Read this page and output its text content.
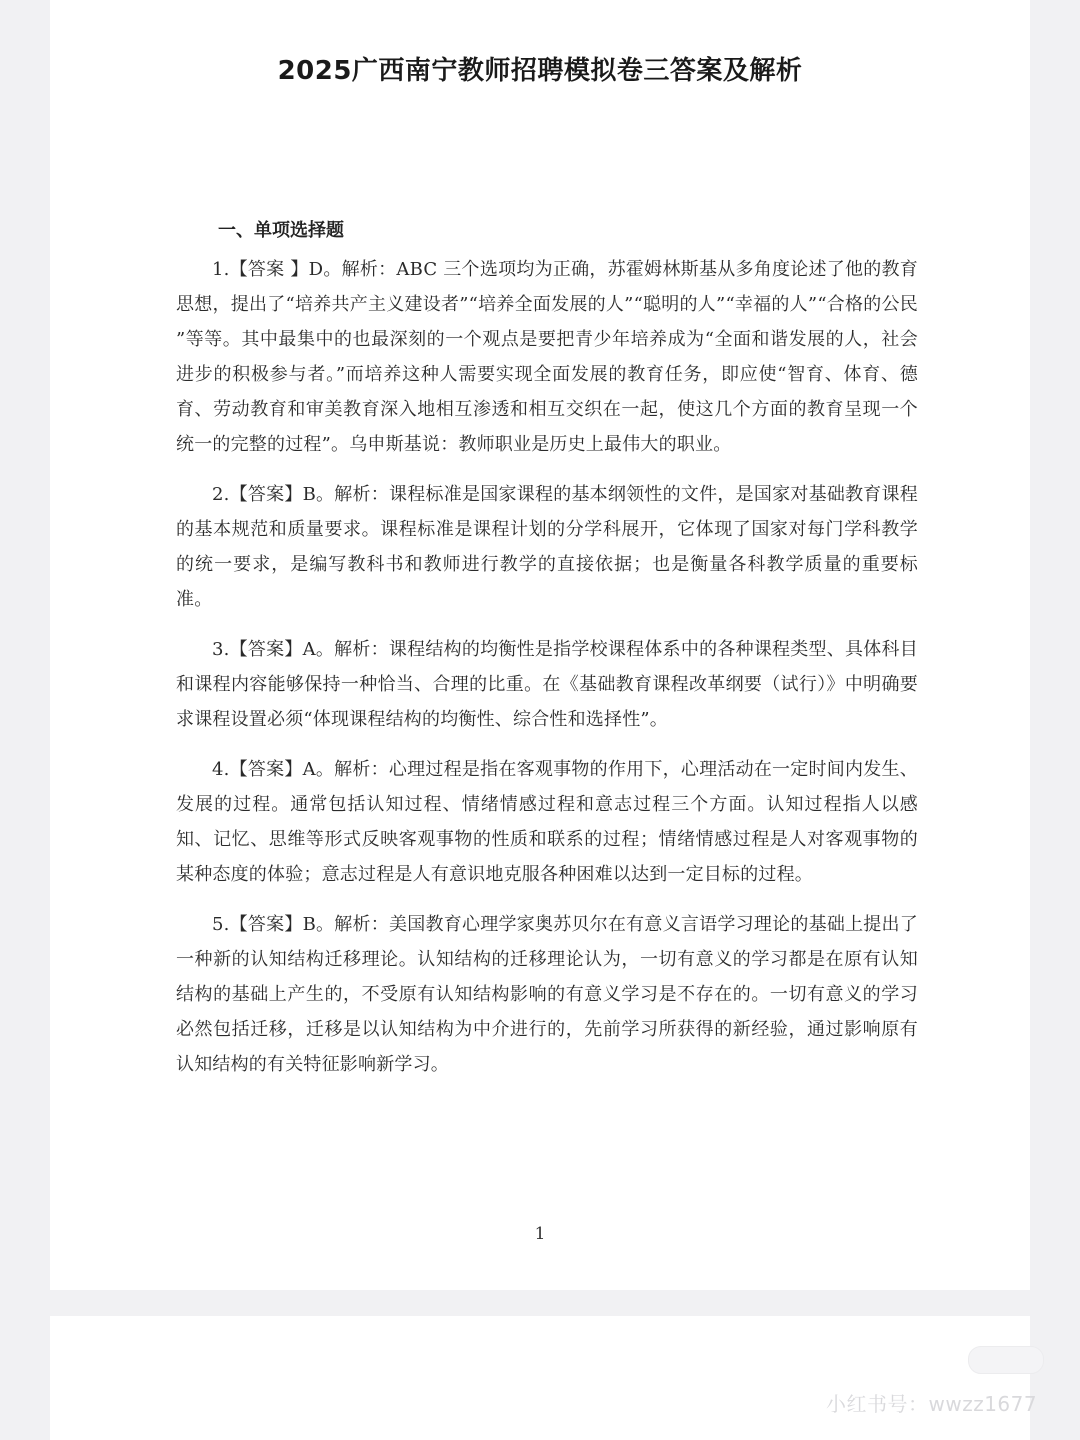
2025广西南宁教师招聘模拟卷三答案及解析
一、单项选择题

1.【答案 】D。解析：ABC 三个选项均为正确，苏霍姆林斯基从多角度论述了他的教育思想，提出了“培养共产主义建设者”“培养全面发展的人”“聪明的人”“幸福的人”“合格的公民 ”等等。其中最集中的也最深刻的一个观点是要把青少年培养成为“全面和谐发展的人，社会进步的积极参与者。”而培养这种人需要实现全面发展的教育任务，即应使“智育、体育、德育、劳动教育和审美教育深入地相互渗透和相互交织在一起，使这几个方面的教育呈现一个统一的完整的过程”。乌申斯基说：教师职业是历史上最伟大的职业。

2.【答案】B。解析：课程标准是国家课程的基本纲领性的文件，是国家对基础教育课程的基本规范和质量要求。课程标准是课程计划的分学科展开，它体现了国家对每门学科教学的统一要求，是编写教科书和教师进行教学的直接依据；也是衡量各科教学质量的重要标准。

3.【答案】A。解析：课程结构的均衡性是指学校课程体系中的各种课程类型、具体科目和课程内容能够保持一种恰当、合理的比重。在《基础教育课程改革纲要（试行）》中明确要求课程设置必须“体现课程结构的均衡性、综合性和选择性”。

4.【答案】A。解析：心理过程是指在客观事物的作用下，心理活动在一定时间内发生、发展的过程。通常包括认知过程、情绪情感过程和意志过程三个方面。认知过程指人以感知、记忆、思维等形式反映客观事物的性质和联系的过程；情绪情感过程是人对客观事物的某种态度的体验；意志过程是人有意识地克服各种困难以达到一定目标的过程。

5.【答案】B。解析：美国教育心理学家奥苏贝尔在有意义言语学习理论的基础上提出了一种新的认知结构迁移理论。认知结构的迁移理论认为，一切有意义的学习都是在原有认知结构的基础上产生的，不受原有认知结构影响的有意义学习是不存在的。一切有意义的学习必然包括迁移，迁移是以认知结构为中介进行的，先前学习所获得的新经验，通过影响原有认知结构的有关特征影响新学习。

1
小红书号：wwzz1677
